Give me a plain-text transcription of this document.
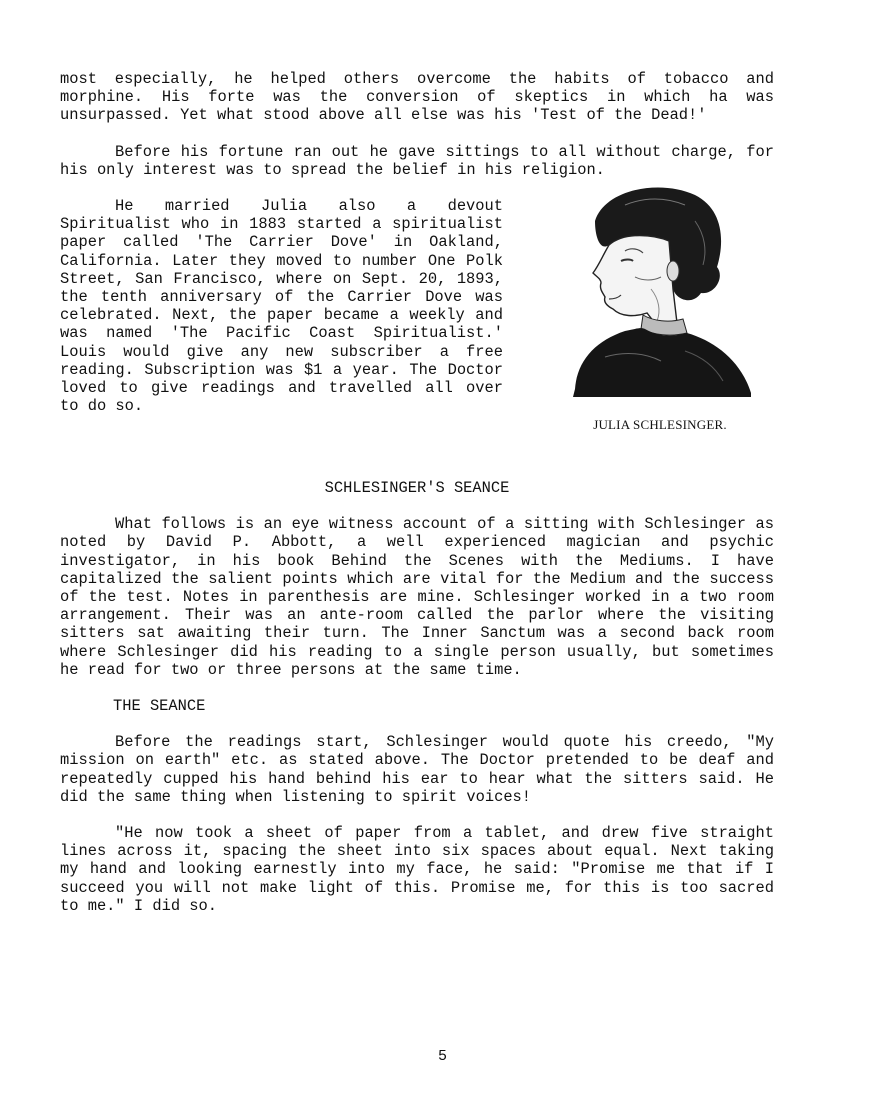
most especially, he helped others overcome the habits of tobacco and morphine. His forte was the conversion of skeptics in which ha was unsurpassed. Yet what stood above all else was his 'Test of the Dead!'

Before his fortune ran out he gave sittings to all without charge, for his only interest was to spread the belief in his religion.

He married Julia also a devout Spiritualist who in 1883 started a spiritualist paper called 'The Carrier Dove' in Oakland, California. Later they moved to number One Polk Street, San Francisco, where on Sept. 20, 1893, the tenth anniversary of the Carrier Dove was celebrated. Next, the paper became a weekly and was named 'The Pacific Coast Spiritualist.' Louis would give any new subscriber a free reading. Subscription was $1 a year. The Doctor loved to give readings and travelled all over to do so.

JULIA SCHLESINGER.
SCHLESINGER'S SEANCE

What follows is an eye witness account of a sitting with Schlesinger as noted by David P. Abbott, a well experienced magician and psychic investigator, in his book Behind the Scenes with the Mediums. I have capitalized the salient points which are vital for the Medium and the success of the test. Notes in parenthesis are mine. Schlesinger worked in a two room arrangement. Their was an ante-room called the parlor where the visiting sitters sat awaiting their turn. The Inner Sanctum was a second back room where Schlesinger did his reading to a single person usually, but sometimes he read for two or three persons at the same time.

THE SEANCE

Before the readings start, Schlesinger would quote his creedo, "My mission on earth" etc. as stated above. The Doctor pretended to be deaf and repeatedly cupped his hand behind his ear to hear what the sitters said. He did the same thing when listening to spirit voices!

"He now took a sheet of paper from a tablet, and drew five straight lines across it, spacing the sheet into six spaces about equal. Next taking my hand and looking earnestly into my face, he said: "Promise me that if I succeed you will not make light of this. Promise me, for this is too sacred to me." I did so.

5
